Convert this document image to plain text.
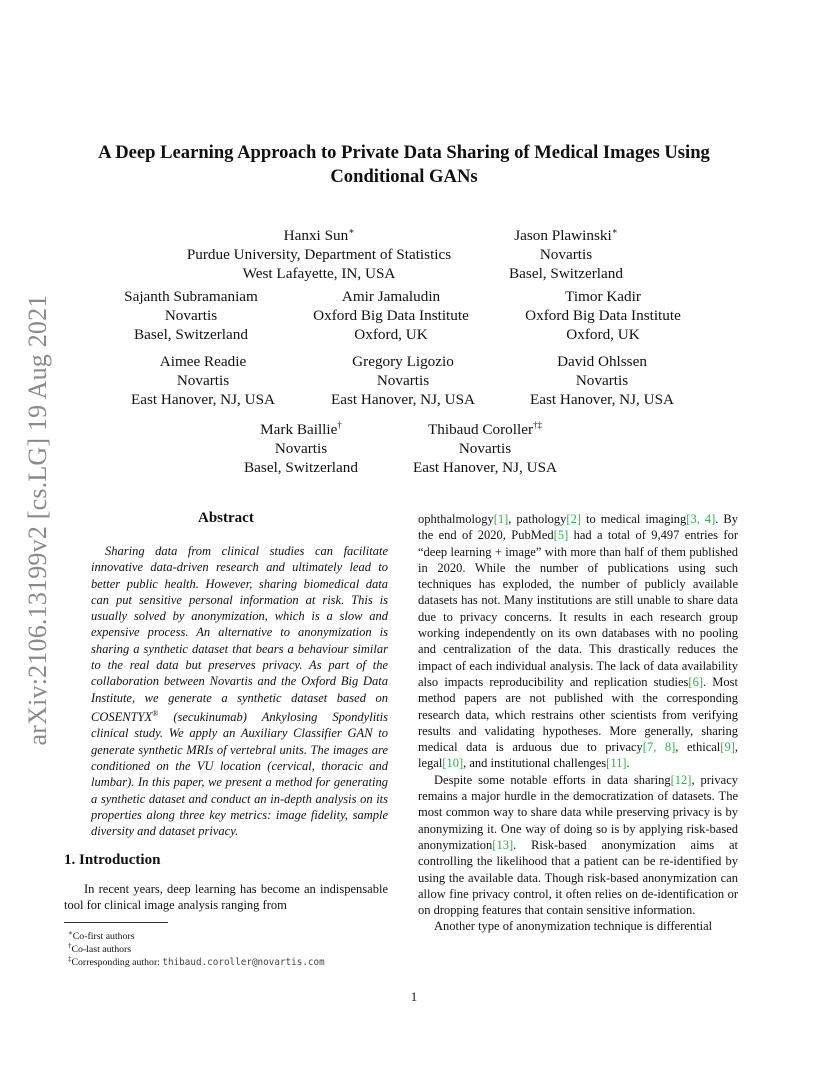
arXiv:2106.13199v2 [cs.LG] 19 Aug 2021
A Deep Learning Approach to Private Data Sharing of Medical Images Using
Conditional GANs
Hanxi Sun∗
Purdue University, Department of Statistics
West Lafayette, IN, USA
Jason Plawinski∗
Novartis
Basel, Switzerland
Sajanth Subramaniam
Novartis
Basel, Switzerland
Amir Jamaludin
Oxford Big Data Institute
Oxford, UK
Timor Kadir
Oxford Big Data Institute
Oxford, UK
Aimee Readie
Novartis
East Hanover, NJ, USA
Gregory Ligozio
Novartis
East Hanover, NJ, USA
David Ohlssen
Novartis
East Hanover, NJ, USA
Mark Baillie†
Novartis
Basel, Switzerland
Thibaud Coroller†‡
Novartis
East Hanover, NJ, USA
Abstract
Sharing data from clinical studies can facilitate innovative data-driven research and ultimately lead to better public health. However, sharing biomedical data can put sensitive personal information at risk. This is usually solved by anonymization, which is a slow and expensive process. An alternative to anonymization is sharing a synthetic dataset that bears a behaviour similar to the real data but preserves privacy. As part of the collaboration between Novartis and the Oxford Big Data Institute, we generate a synthetic dataset based on COSENTYX® (secukinumab) Ankylosing Spondylitis clinical study. We apply an Auxiliary Classifier GAN to generate synthetic MRIs of vertebral units. The images are conditioned on the VU location (cervical, thoracic and lumbar). In this paper, we present a method for generating a synthetic dataset and conduct an in-depth analysis on its properties along three key metrics: image fidelity, sample diversity and dataset privacy.
1. Introduction
In recent years, deep learning has become an indispensable tool for clinical image analysis ranging from
∗Co-first authors
†Co-last authors
‡Corresponding author: thibaud.coroller@novartis.com

ophthalmology[1], pathology[2] to medical imaging[3, 4]. By the end of 2020, PubMed[5] had a total of 9,497 entries for “deep learning + image” with more than half of them published in 2020. While the number of publications using such techniques has exploded, the number of publicly available datasets has not. Many institutions are still unable to share data due to privacy concerns. It results in each research group working independently on its own databases with no pooling and centralization of the data. This drastically reduces the impact of each individual analysis. The lack of data availability also impacts reproducibility and replication studies[6]. Most method papers are not published with the corresponding research data, which restrains other scientists from verifying results and validating hypotheses. More generally, sharing medical data is arduous due to privacy[7, 8], ethical[9], legal[10], and institutional challenges[11].

Despite some notable efforts in data sharing[12], privacy remains a major hurdle in the democratization of datasets. The most common way to share data while preserving privacy is by anonymizing it. One way of doing so is by applying risk-based anonymization[13]. Risk-based anonymization aims at controlling the likelihood that a patient can be re-identified by using the available data. Though risk-based anonymization can allow fine privacy control, it often relies on de-identification or on dropping features that contain sensitive information.

Another type of anonymization technique is differential

1
